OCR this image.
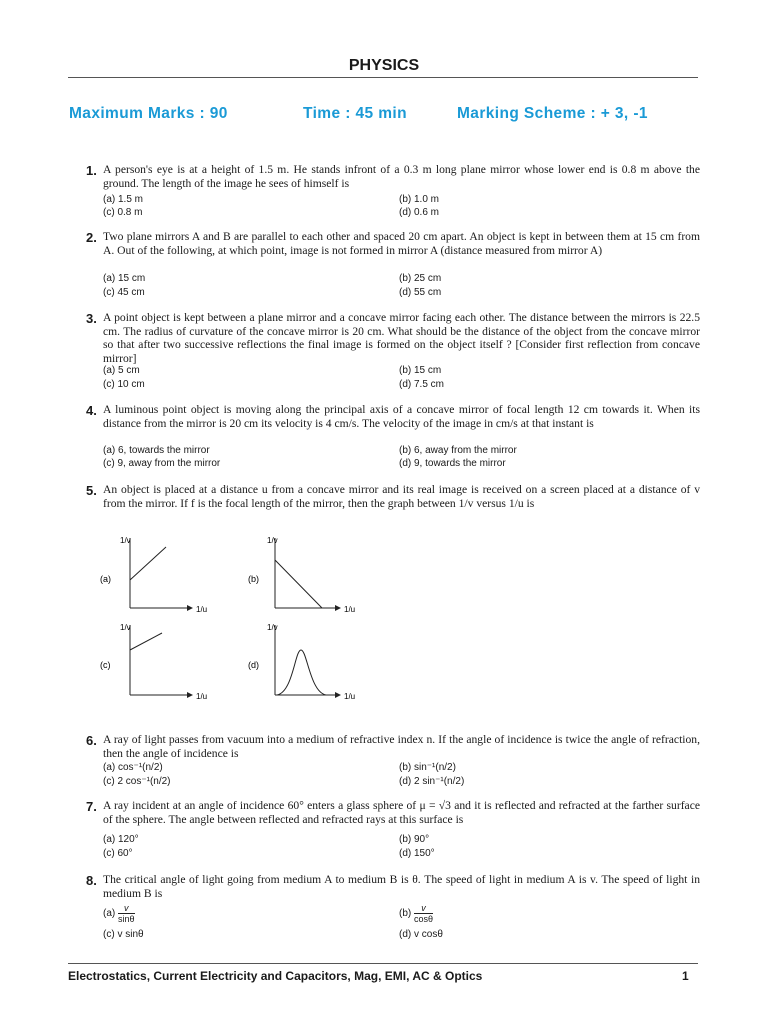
PHYSICS
Maximum Marks : 90	Time : 45 min	Marking Scheme : + 3, -1
1. A person's eye is at a height of 1.5 m. He stands infront of a 0.3 m long plane mirror whose lower end is 0.8 m above the ground. The length of the image he sees of himself is
(a) 1.5 m	(b) 1.0 m
(c) 0.8 m	(d) 0.6 m
2. Two plane mirrors A and B are parallel to each other and spaced 20 cm apart. An object is kept in between them at 15 cm from A. Out of the following, at which point, image is not formed in mirror A (distance measured from mirror A)
(a) 15 cm	(b) 25 cm
(c) 45 cm	(d) 55 cm
3. A point object is kept between a plane mirror and a concave mirror facing each other. The distance between the mirrors is 22.5 cm. The radius of curvature of the concave mirror is 20 cm. What should be the distance of the object from the concave mirror so that after two successive reflections the final image is formed on the object itself ? [Consider first reflection from concave mirror]
(a) 5 cm	(b) 15 cm
(c) 10 cm	(d) 7.5 cm
4. A luminous point object is moving along the principal axis of a concave mirror of focal length 12 cm towards it. When its distance from the mirror is 20 cm its velocity is 4 cm/s. The velocity of the image in cm/s at that instant is
(a) 6, towards the mirror	(b) 6, away from the mirror
(c) 9, away from the mirror	(d) 9, towards the mirror
5. An object is placed at a distance u from a concave mirror and its real image is received on a screen placed at a distance of v from the mirror. If f is the focal length of the mirror, then the graph between 1/v versus 1/u is
(a)
1/v
1/u
(b)
1/v
1/u
(c)
1/v
1/u
(d)
1/v
1/u
6. A ray of light passes from vacuum into a medium of refractive index n. If the angle of incidence is twice the angle of refraction, then the angle of incidence is
(a) cos⁻¹(n/2)	(b) sin⁻¹(n/2)
(c) 2 cos⁻¹(n/2)	(d) 2 sin⁻¹(n/2)
7. A ray incident at an angle of incidence 60° enters a glass sphere of μ = √3 and it is reflected and refracted at the farther surface of the sphere. The angle between reflected and refracted rays at this surface is
(a) 120°	(b) 90°
(c) 60°	(d) 150°
8. The critical angle of light going from medium A to medium B is θ. The speed of light in medium A is v. The speed of light in medium B is
$(a) \frac{v}{\sin\theta}$	$(b) \frac{v}{\cos\theta}$
(c) v sinθ	(d) v cosθ
Electrostatics, Current Electricity and Capacitors, Mag, EMI, AC & Optics	1
